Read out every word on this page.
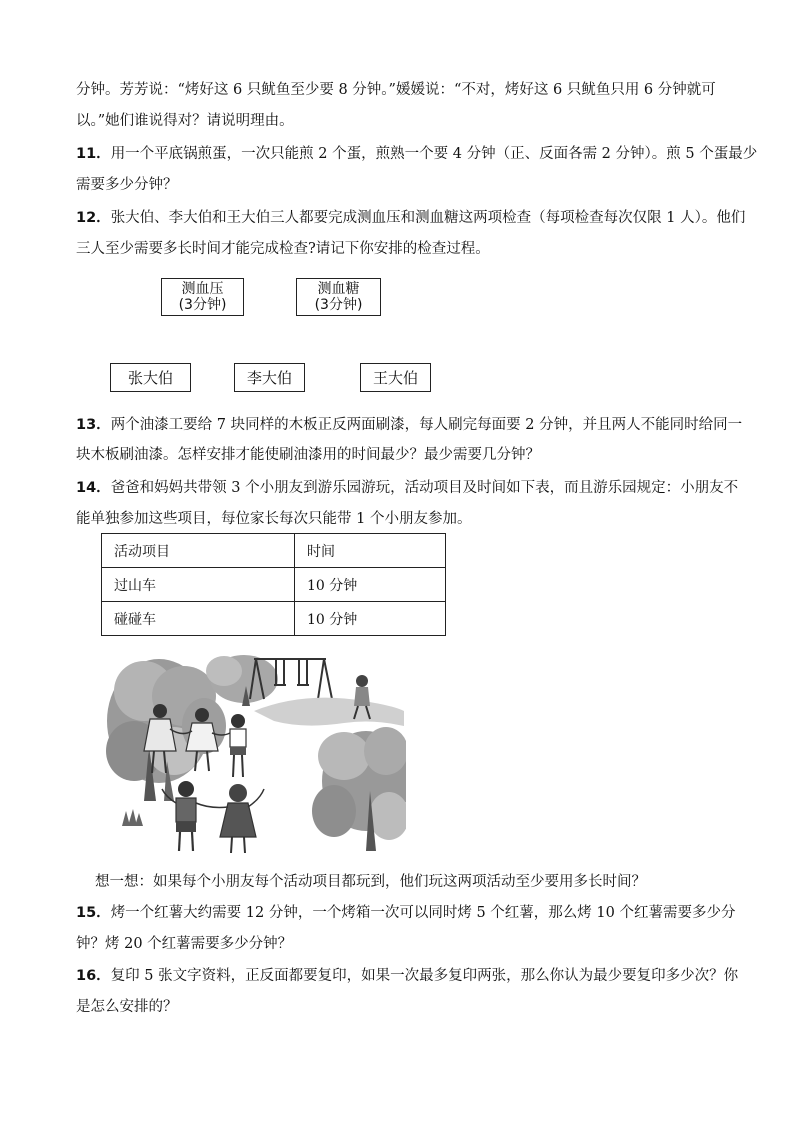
分钟。芳芳说：“烤好这 6 只鱿鱼至少要 8 分钟。”媛媛说：“不对，烤好这 6 只鱿鱼只用 6 分钟就可
以。”她们谁说得对？请说明理由。
11．用一个平底锅煎蛋，一次只能煎 2 个蛋，煎熟一个要 4 分钟（正、反面各需 2 分钟）。煎 5 个蛋最少
需要多少分钟？
12．张大伯、李大伯和王大伯三人都要完成测血压和测血糖这两项检查（每项检查每次仅限 1 人）。他们
三人至少需要多长时间才能完成检查?请记下你安排的检查过程。
测血压
(3分钟)
测血糖
(3分钟)
张大伯	李大伯	王大伯
13．两个油漆工要给 7 块同样的木板正反两面刷漆，每人刷完每面要 2 分钟，并且两人不能同时给同一
块木板刷油漆。怎样安排才能使刷油漆用的时间最少？最少需要几分钟？
14．爸爸和妈妈共带领 3 个小朋友到游乐园游玩，活动项目及时间如下表，而且游乐园规定：小朋友不
能单独参加这些项目，每位家长每次只能带 1 个小朋友参加。
活动项目	时间
过山车	10 分钟
碰碰车	10 分钟
想一想：如果每个小朋友每个活动项目都玩到，他们玩这两项活动至少要用多长时间？
15．烤一个红薯大约需要 12 分钟，一个烤箱一次可以同时烤 5 个红薯，那么烤 10 个红薯需要多少分
钟？烤 20 个红薯需要多少分钟？
16．复印 5 张文字资料，正反面都要复印，如果一次最多复印两张，那么你认为最少要复印多少次？你
是怎么安排的？
